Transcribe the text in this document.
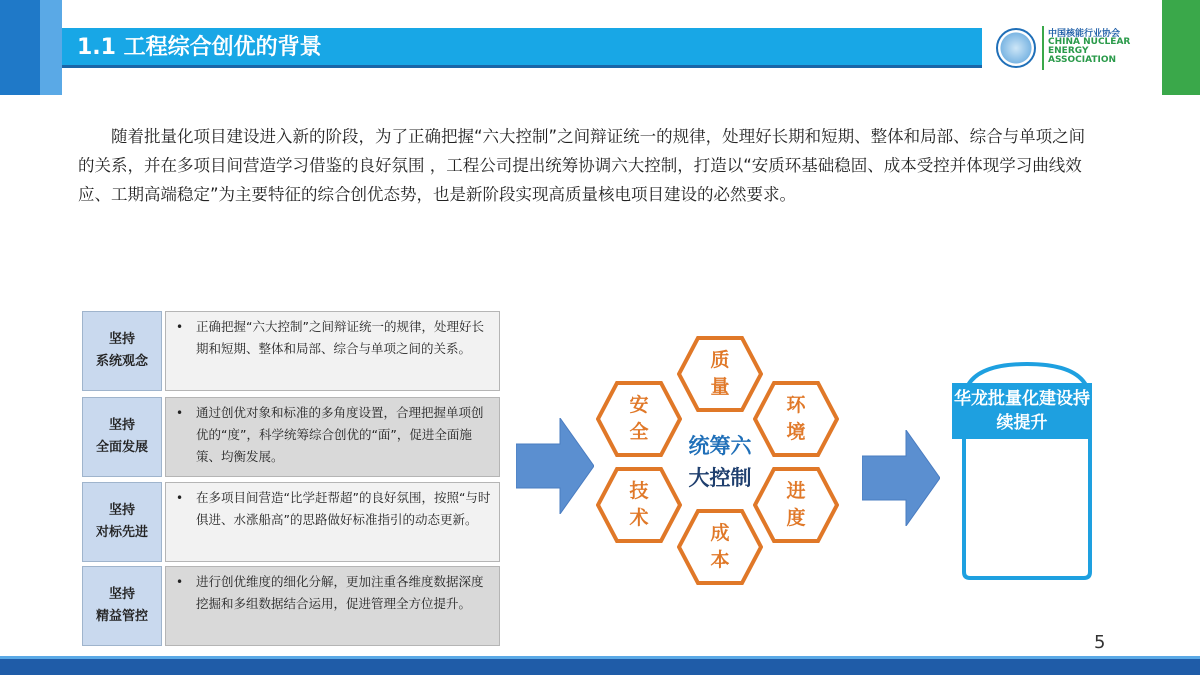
1.1 工程综合创优的背景
中国核能行业协会
CHINA NUCLEAR ENERGY ASSOCIATION
随着批量化项目建设进入新的阶段，为了正确把握“六大控制”之间辩证统一的规律，处理好长期和短期、整体和局部、综合与单项之间的关系，并在多项目间营造学习借鉴的良好氛围 ，工程公司提出统筹协调六大控制，打造以“安质环基础稳固、成本受控并体现学习曲线效应、工期高端稳定”为主要特征的综合创优态势，也是新阶段实现高质量核电项目建设的必然要求。
坚持
系统观念
• 正确把握“六大控制”之间辩证统一的规律，处理好长期和短期、整体和局部、综合与单项之间的关系。
坚持
全面发展
• 通过创优对象和标准的多角度设置，合理把握单项创优的“度”，科学统筹综合创优的“面”，促进全面施策、均衡发展。
坚持
对标先进
• 在多项目间营造“比学赶帮超”的良好氛围，按照“与时俱进、水涨船高”的思路做好标准指引的动态更新。
坚持
精益管控
• 进行创优维度的细化分解，更加注重各维度数据深度挖掘和多组数据结合运用，促进管理全方位提升。
质
量
环
境
进
度
成
本
技
术
安
全
统筹六
大控制
华龙批量化建设持续提升
5
